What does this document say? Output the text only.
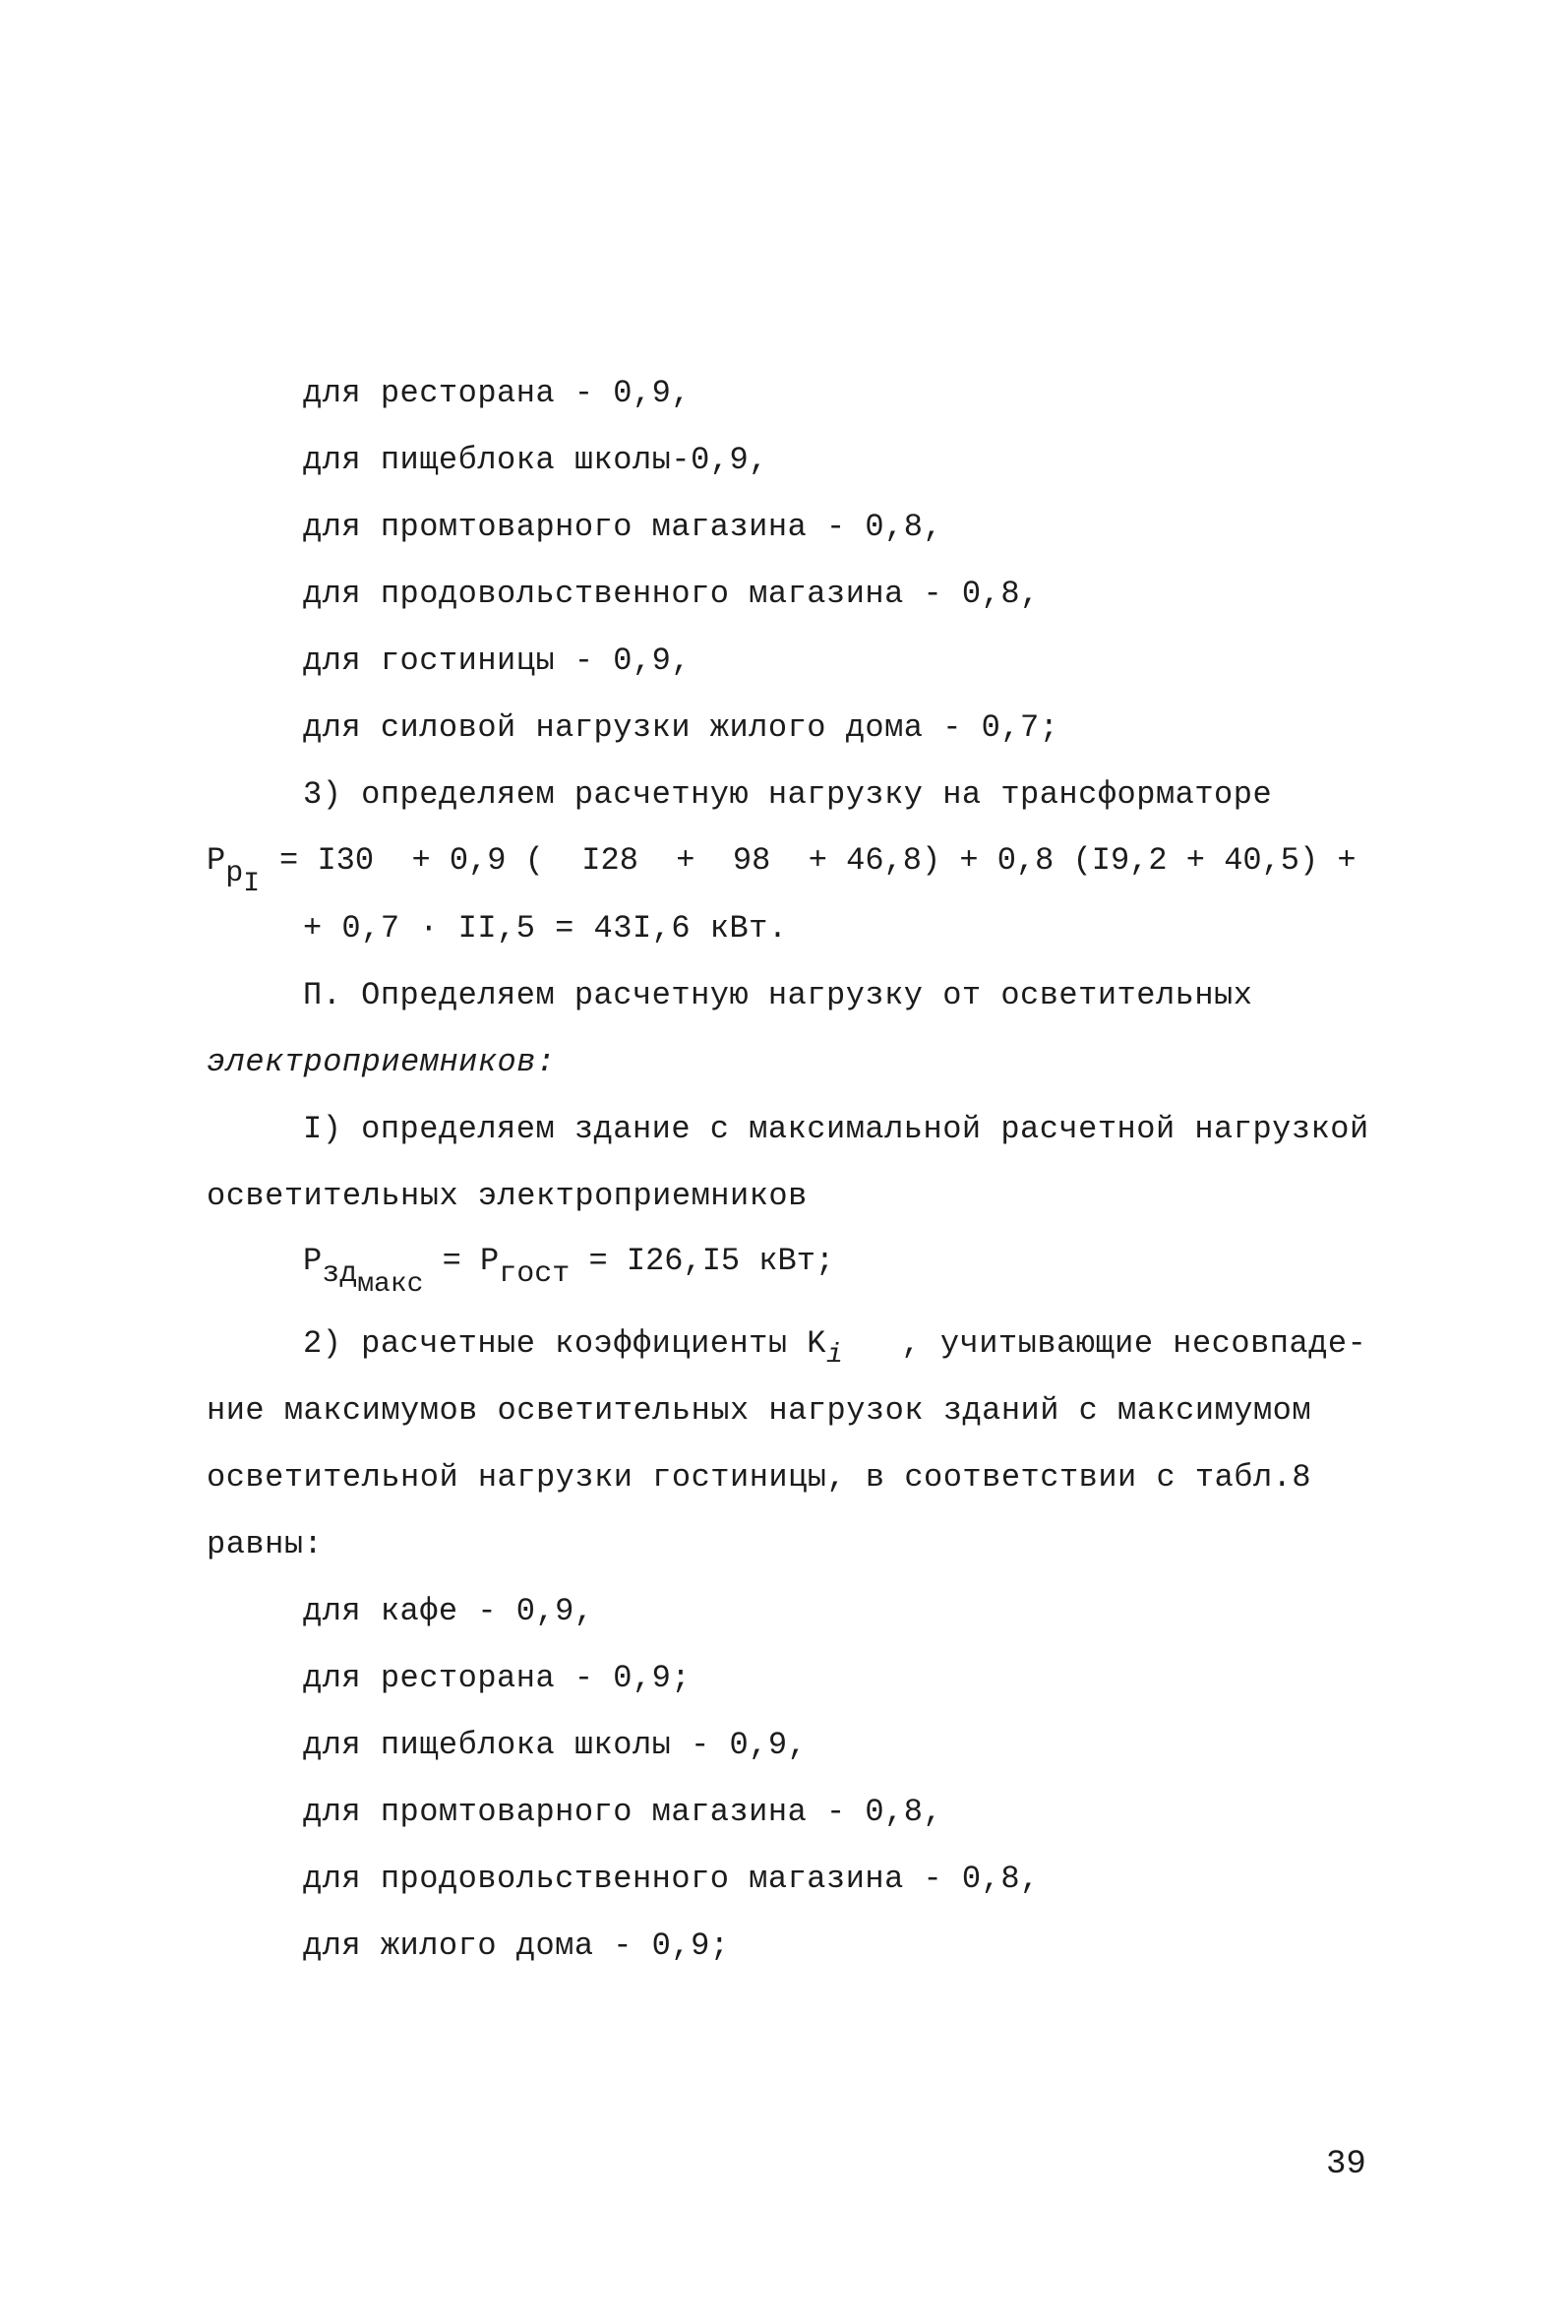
для ресторана - 0,9,
для пищеблока школы-0,9,
для промтоварного магазина - 0,8,
для продовольственного магазина - 0,8,
для гостиницы - 0,9,
для силовой нагрузки жилого дома - 0,7;
3) определяем расчетную нагрузку на трансформаторе
$P_{p_I}= I30 + 0,9$ (  I28  +  98  + 46,8) + 0,8 (I9,2 + 40,5) +
+ 0,7 · II,5 = 43I,6 кВт.
П. Определяем расчетную нагрузку от осветительных
электроприемников:
I) определяем здание с максимальной расчетной нагрузкой
осветительных электроприемников
$P_{зд_{макс}} = P_{гост} = I26,I5$ кВт;
2) расчетные коэффициенты Ki   , учитывающие несовпаде-
ние максимумов осветительных нагрузок зданий с максимумом
осветительной нагрузки гостиницы, в соответствии с табл.8
равны:
для кафе - 0,9,
для ресторана - 0,9;
для пищеблока школы - 0,9,
для промтоварного магазина - 0,8,
для продовольственного магазина - 0,8,
для жилого дома - 0,9;
39
